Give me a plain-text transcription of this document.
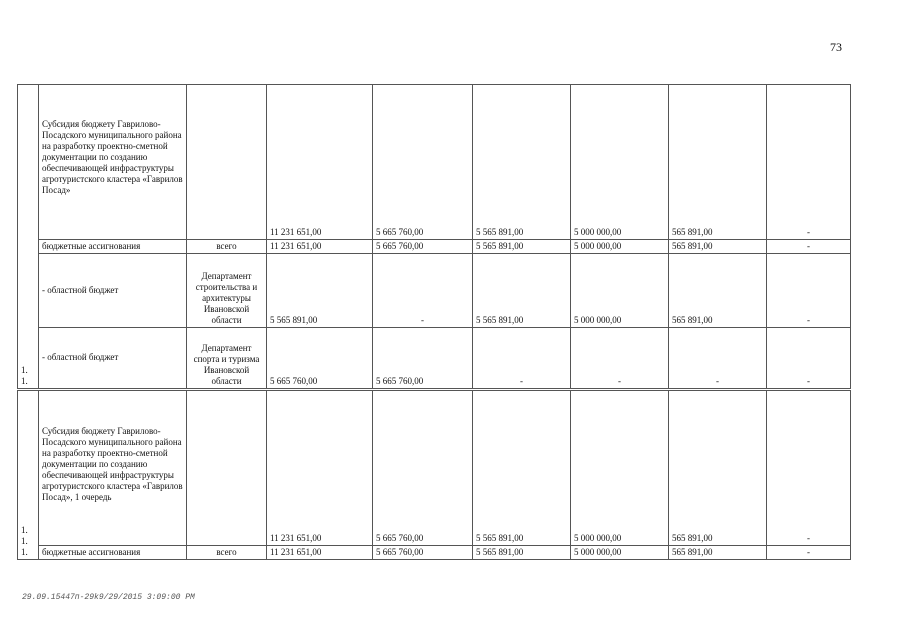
73
1.
1.	Субсидия бюджету Гаврилово-Посадского муниципального района на разработку проектно-сметной документации по созданию обеспечивающей инфраструктуры агротуристского кластера «Гаврилов Посад»		11 231 651,00	5 665 760,00	5 565 891,00	5 000 000,00	565 891,00	-
	бюджетные ассигнования	всего	11 231 651,00	5 665 760,00	5 565 891,00	5 000 000,00	565 891,00	-
	- областной бюджет	Департамент строительства и архитектуры Ивановской области	5 565 891,00	-	5 565 891,00	5 000 000,00	565 891,00	-
	- областной бюджет	Департамент спорта и туризма Ивановской области	5 665 760,00	5 665 760,00	-	-	-	-

1.
1.
1.	Субсидия бюджету Гаврилово-Посадского муниципального района на разработку проектно-сметной документации по созданию обеспечивающей инфраструктуры агротуристского кластера «Гаврилов Посад», 1 очередь		11 231 651,00	5 665 760,00	5 565 891,00	5 000 000,00	565 891,00	-
	бюджетные ассигнования	всего	11 231 651,00	5 665 760,00	5 565 891,00	5 000 000,00	565 891,00	-
29.09.15447п-29k9/29/2015 3:09:00 PM
